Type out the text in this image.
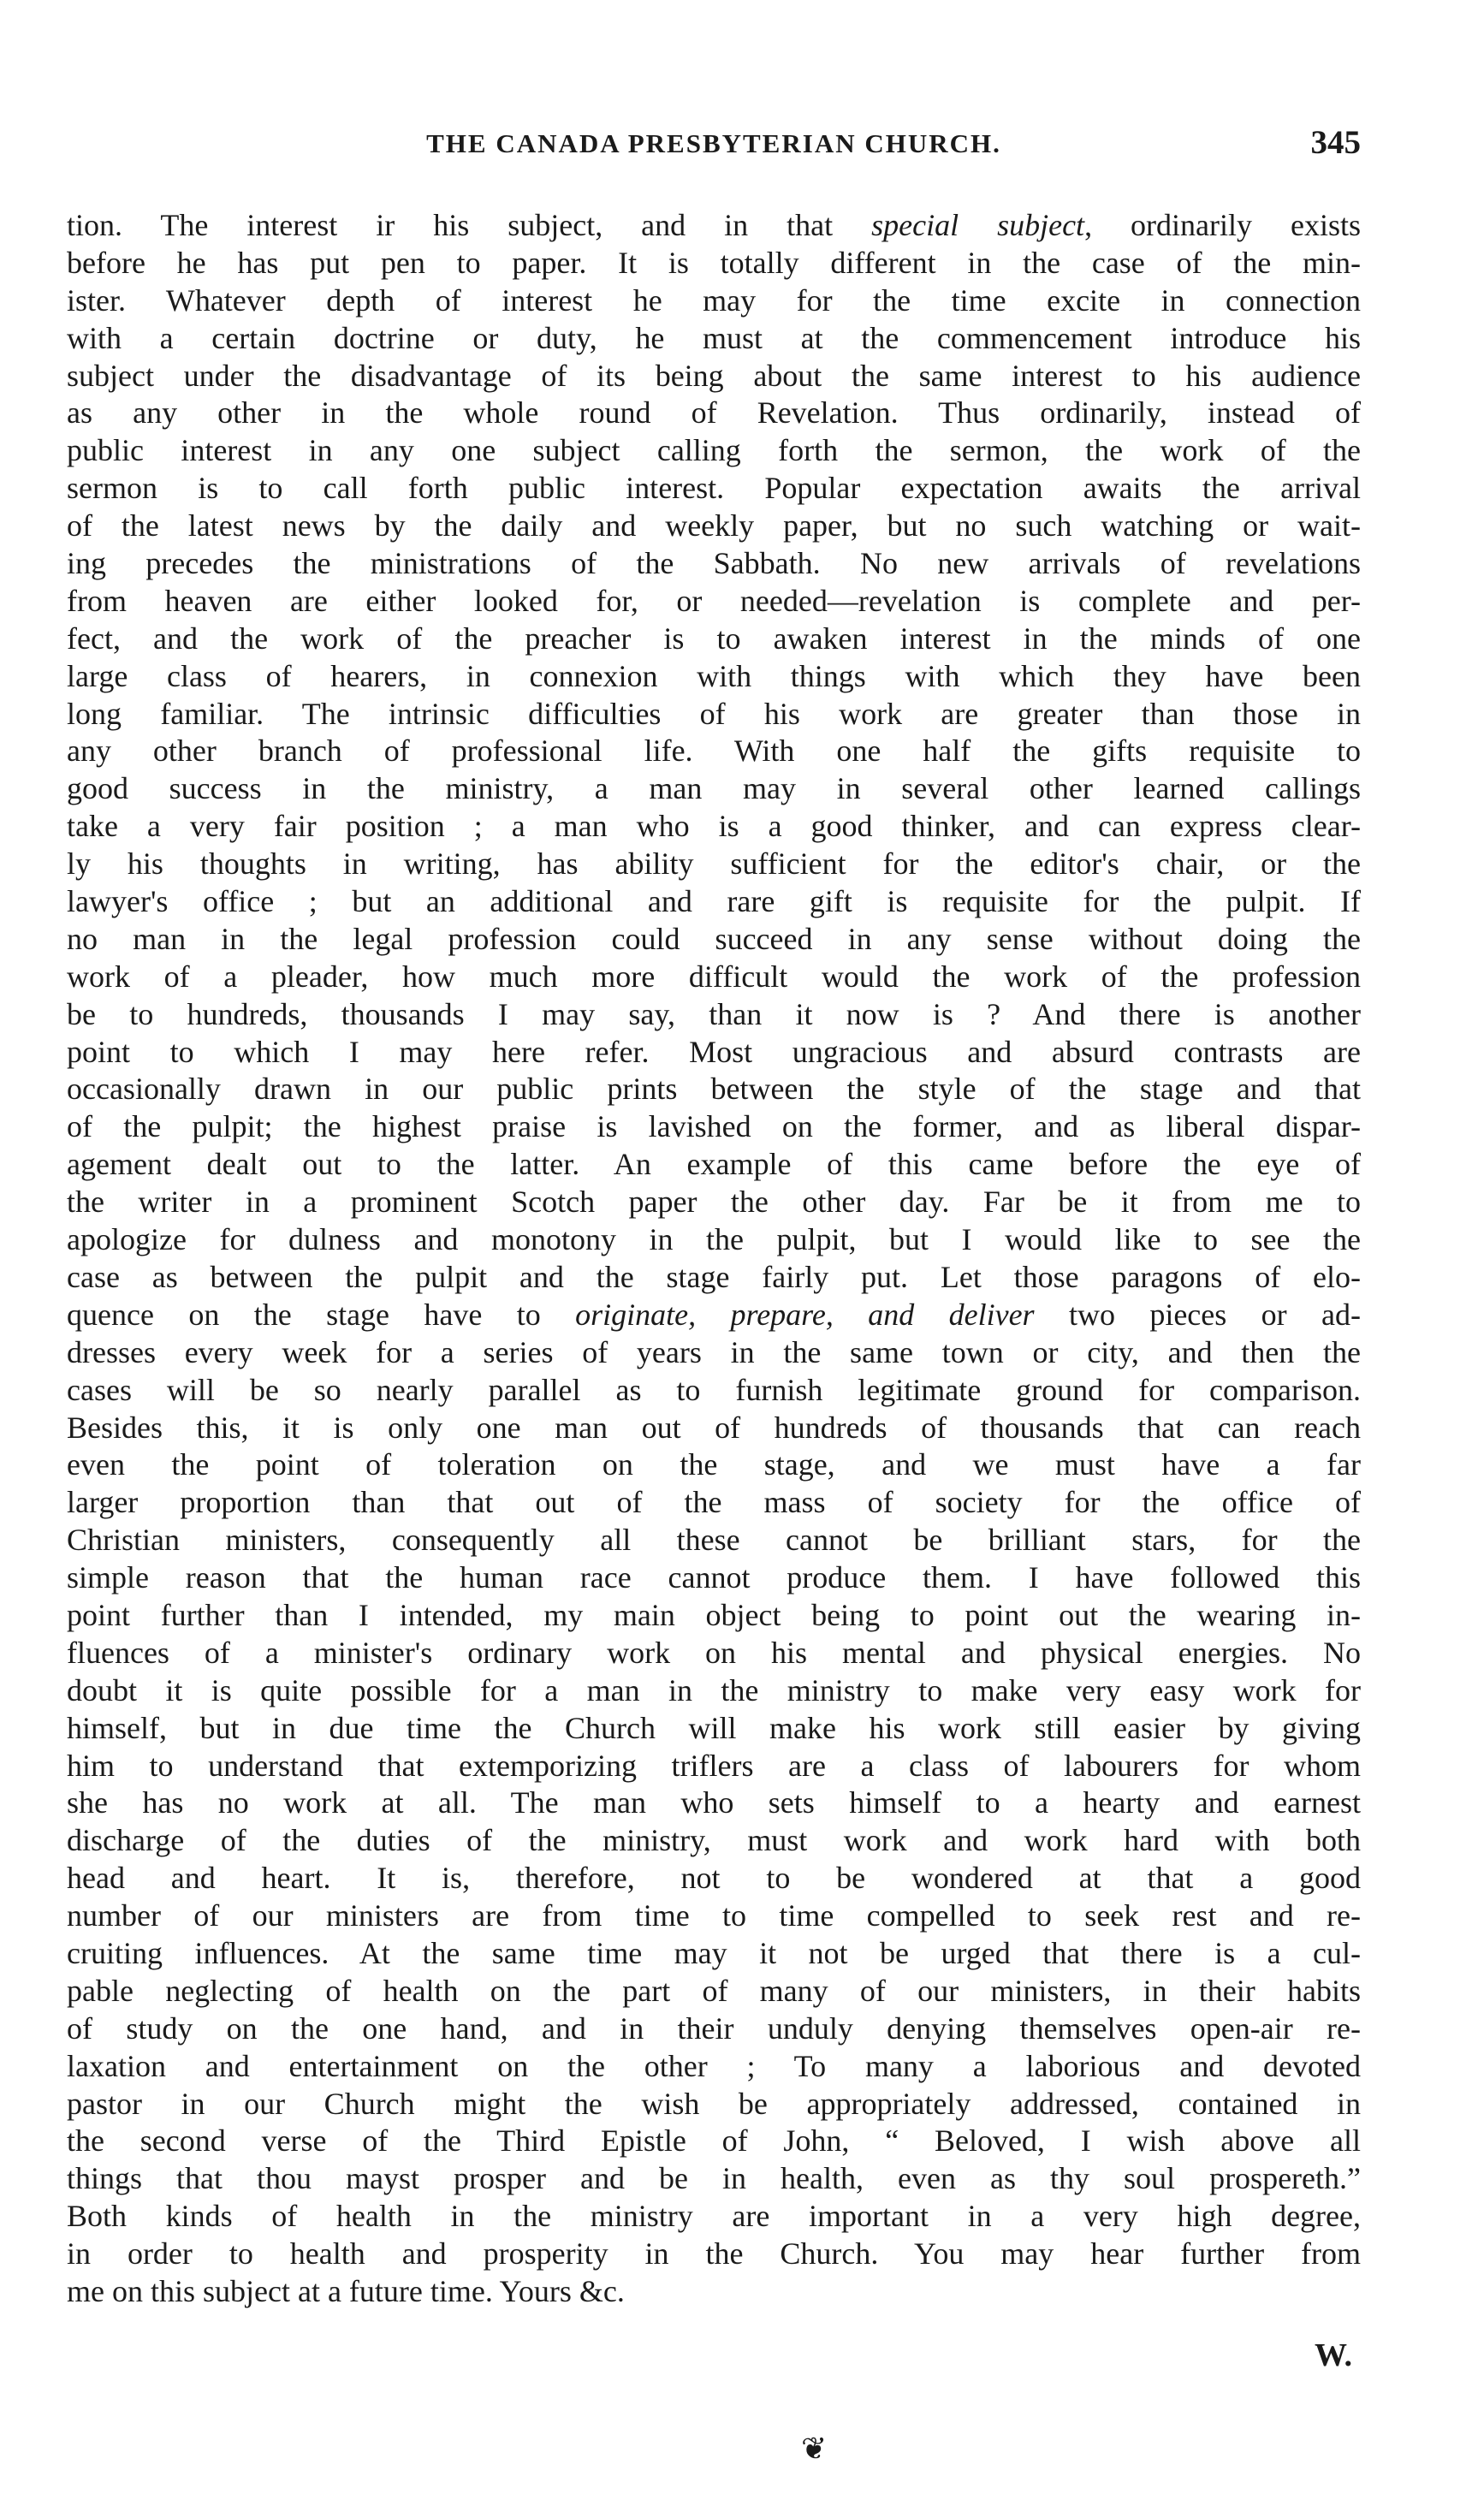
THE CANADA PRESBYTERIAN CHURCH.	345
tion. The interest ir his subject, and in that special subject, ordinarily exists
before he has put pen to paper. It is totally different in the case of the min-
ister. Whatever depth of interest he may for the time excite in connection
with a certain doctrine or duty, he must at the commencement introduce his
subject under the disadvantage of its being about the same interest to his audience
as any other in the whole round of Revelation. Thus ordinarily, instead of
public interest in any one subject calling forth the sermon, the work of the
sermon is to call forth public interest. Popular expectation awaits the arrival
of the latest news by the daily and weekly paper, but no such watching or wait-
ing precedes the ministrations of the Sabbath. No new arrivals of revelations
from heaven are either looked for, or needed—revelation is complete and per-
fect, and the work of the preacher is to awaken interest in the minds of one
large class of hearers, in connexion with things with which they have been
long familiar. The intrinsic difficulties of his work are greater than those in
any other branch of professional life. With one half the gifts requisite to
good success in the ministry, a man may in several other learned callings
take a very fair position ; a man who is a good thinker, and can express clear-
ly his thoughts in writing, has ability sufficient for the editor's chair, or the
lawyer's office ; but an additional and rare gift is requisite for the pulpit. If
no man in the legal profession could succeed in any sense without doing the
work of a pleader, how much more difficult would the work of the profession
be to hundreds, thousands I may say, than it now is ? And there is another
point to which I may here refer. Most ungracious and absurd contrasts are
occasionally drawn in our public prints between the style of the stage and that
of the pulpit; the highest praise is lavished on the former, and as liberal dispar-
agement dealt out to the latter. An example of this came before the eye of
the writer in a prominent Scotch paper the other day. Far be it from me to
apologize for dulness and monotony in the pulpit, but I would like to see the
case as between the pulpit and the stage fairly put. Let those paragons of elo-
quence on the stage have to originate, prepare, and deliver two pieces or ad-
dresses every week for a series of years in the same town or city, and then the
cases will be so nearly parallel as to furnish legitimate ground for comparison.
Besides this, it is only one man out of hundreds of thousands that can reach
even the point of toleration on the stage, and we must have a far
larger proportion than that out of the mass of society for the office of
Christian ministers, consequently all these cannot be brilliant stars, for the
simple reason that the human race cannot produce them. I have followed this
point further than I intended, my main object being to point out the wearing in-
fluences of a minister's ordinary work on his mental and physical energies. No
doubt it is quite possible for a man in the ministry to make very easy work for
himself, but in due time the Church will make his work still easier by giving
him to understand that extemporizing triflers are a class of labourers for whom
she has no work at all. The man who sets himself to a hearty and earnest
discharge of the duties of the ministry, must work and work hard with both
head and heart. It is, therefore, not to be wondered at that a good
number of our ministers are from time to time compelled to seek rest and re-
cruiting influences. At the same time may it not be urged that there is a cul-
pable neglecting of health on the part of many of our ministers, in their habits
of study on the one hand, and in their unduly denying themselves open-air re-
laxation and entertainment on the other ; To many a laborious and devoted
pastor in our Church might the wish be appropriately addressed, contained in
the second verse of the Third Epistle of John, “ Beloved, I wish above all
things that thou mayst prosper and be in health, even as thy soul prospereth.”
Both kinds of health in the ministry are important in a very high degree,
in order to health and prosperity in the Church. You may hear further from
me on this subject at a future time. Yours &c.
W.
❦
